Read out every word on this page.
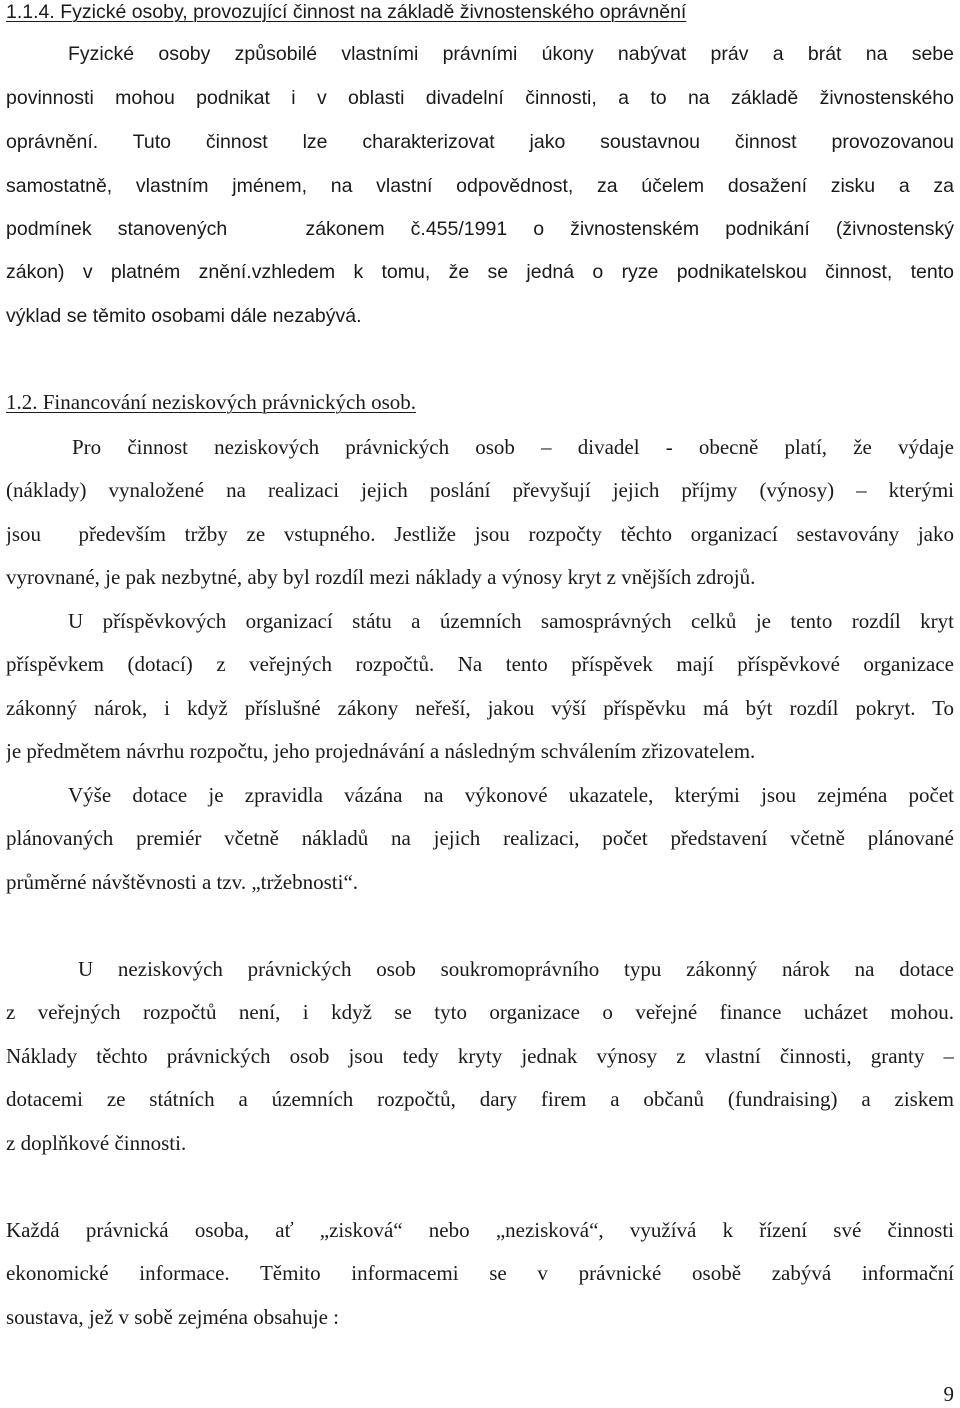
1.1.4. Fyzické osoby, provozující činnost na základě živnostenského oprávnění
Fyzické osoby způsobilé vlastními právními úkony nabývat práv a brát na sebe
povinnosti mohou podnikat i v oblasti divadelní činnosti, a to na základě živnostenského
oprávnění. Tuto činnost lze charakterizovat jako soustavnou činnost provozovanou
samostatně, vlastním jménem, na vlastní odpovědnost, za účelem dosažení zisku a za
podmínek stanovených   zákonem č.455/1991 o živnostenském podnikání (živnostenský
zákon) v platném znění.vzhledem k tomu, že se jedná o ryze podnikatelskou činnost, tento
výklad se těmito osobami dále nezabývá.
1.2. Financování neziskových právnických osob.
Pro činnost neziskových právnických osob – divadel - obecně platí, že výdaje
(náklady) vynaložené na realizaci jejich poslání převyšují jejich příjmy (výnosy) – kterými
jsou  především tržby ze vstupného. Jestliže jsou rozpočty těchto organizací sestavovány jako
vyrovnané, je pak nezbytné, aby byl rozdíl mezi náklady a výnosy kryt z vnějších zdrojů.
U příspěvkových organizací státu a územních samosprávných celků je tento rozdíl kryt
příspěvkem (dotací) z veřejných rozpočtů. Na tento příspěvek mají příspěvkové organizace
zákonný nárok, i když příslušné zákony neřeší, jakou výší příspěvku má být rozdíl pokryt. To
je předmětem návrhu rozpočtu, jeho projednávání a následným schválením zřizovatelem.
Výše dotace je zpravidla vázána na výkonové ukazatele, kterými jsou zejména počet
plánovaných premiér včetně nákladů na jejich realizaci, počet představení včetně plánované
průměrné návštěvnosti a tzv. „tržebnosti“.
U neziskových právnických osob soukromoprávního typu zákonný nárok na dotace
z veřejných rozpočtů není, i když se tyto organizace o veřejné finance ucházet mohou.
Náklady těchto právnických osob jsou tedy kryty jednak výnosy z vlastní činnosti, granty –
dotacemi ze státních a územních rozpočtů, dary firem a občanů (fundraising) a ziskem
z doplňkové činnosti.
Každá právnická osoba, ať „zisková“ nebo „nezisková“, využívá k řízení své činnosti
ekonomické informace. Těmito informacemi se v právnické osobě zabývá informační
soustava, jež v sobě zejména obsahuje :
9
